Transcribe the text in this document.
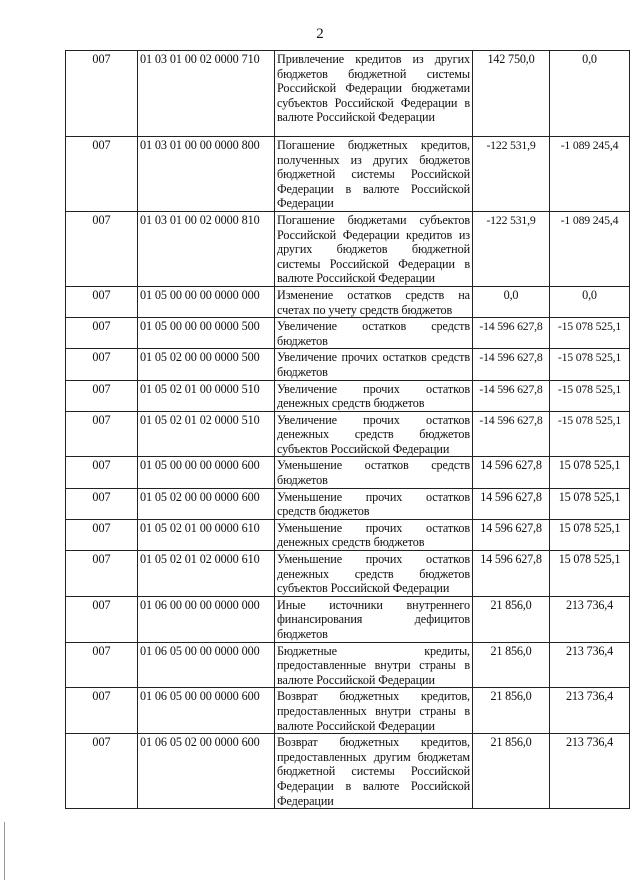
2
007	01 03 01 00 02 0000 710	Привлечение кредитов из других бюджетов бюджетной системы Российской Федерации бюджетами субъектов Российской Федерации в валюте Российской Федерации	142 750,0	0,0
007	01 03 01 00 00 0000 800	Погашение бюджетных кредитов, полученных из других бюджетов бюджетной системы Российской Федерации в валюте Российской Федерации	-122 531,9	-1 089 245,4
007	01 03 01 00 02 0000 810	Погашение бюджетами субъектов Российской Федерации кредитов из других бюджетов бюджетной системы Российской Федерации в валюте Российской Федерации	-122 531,9	-1 089 245,4
007	01 05 00 00 00 0000 000	Изменение остатков средств на счетах по учету средств бюджетов	0,0	0,0
007	01 05 00 00 00 0000 500	Увеличение остатков средств бюджетов	-14 596 627,8	-15 078 525,1
007	01 05 02 00 00 0000 500	Увеличение прочих остатков средств бюджетов	-14 596 627,8	-15 078 525,1
007	01 05 02 01 00 0000 510	Увеличение прочих остатков денежных средств бюджетов	-14 596 627,8	-15 078 525,1
007	01 05 02 01 02 0000 510	Увеличение прочих остатков денежных средств бюджетов субъектов Российской Федерации	-14 596 627,8	-15 078 525,1
007	01 05 00 00 00 0000 600	Уменьшение остатков средств бюджетов	14 596 627,8	15 078 525,1
007	01 05 02 00 00 0000 600	Уменьшение прочих остатков средств бюджетов	14 596 627,8	15 078 525,1
007	01 05 02 01 00 0000 610	Уменьшение прочих остатков денежных средств бюджетов	14 596 627,8	15 078 525,1
007	01 05 02 01 02 0000 610	Уменьшение прочих остатков денежных средств бюджетов субъектов Российской Федерации	14 596 627,8	15 078 525,1
007	01 06 00 00 00 0000 000	Иные источники внутреннего финансирования дефицитов бюджетов	21 856,0	213 736,4
007	01 06 05 00 00 0000 000	Бюджетные кредиты, предоставленные внутри страны в валюте Российской Федерации	21 856,0	213 736,4
007	01 06 05 00 00 0000 600	Возврат бюджетных кредитов, предоставленных внутри страны в валюте Российской Федерации	21 856,0	213 736,4
007	01 06 05 02 00 0000 600	Возврат бюджетных кредитов, предоставленных другим бюджетам бюджетной системы Российской Федерации в валюте Российской Федерации	21 856,0	213 736,4
